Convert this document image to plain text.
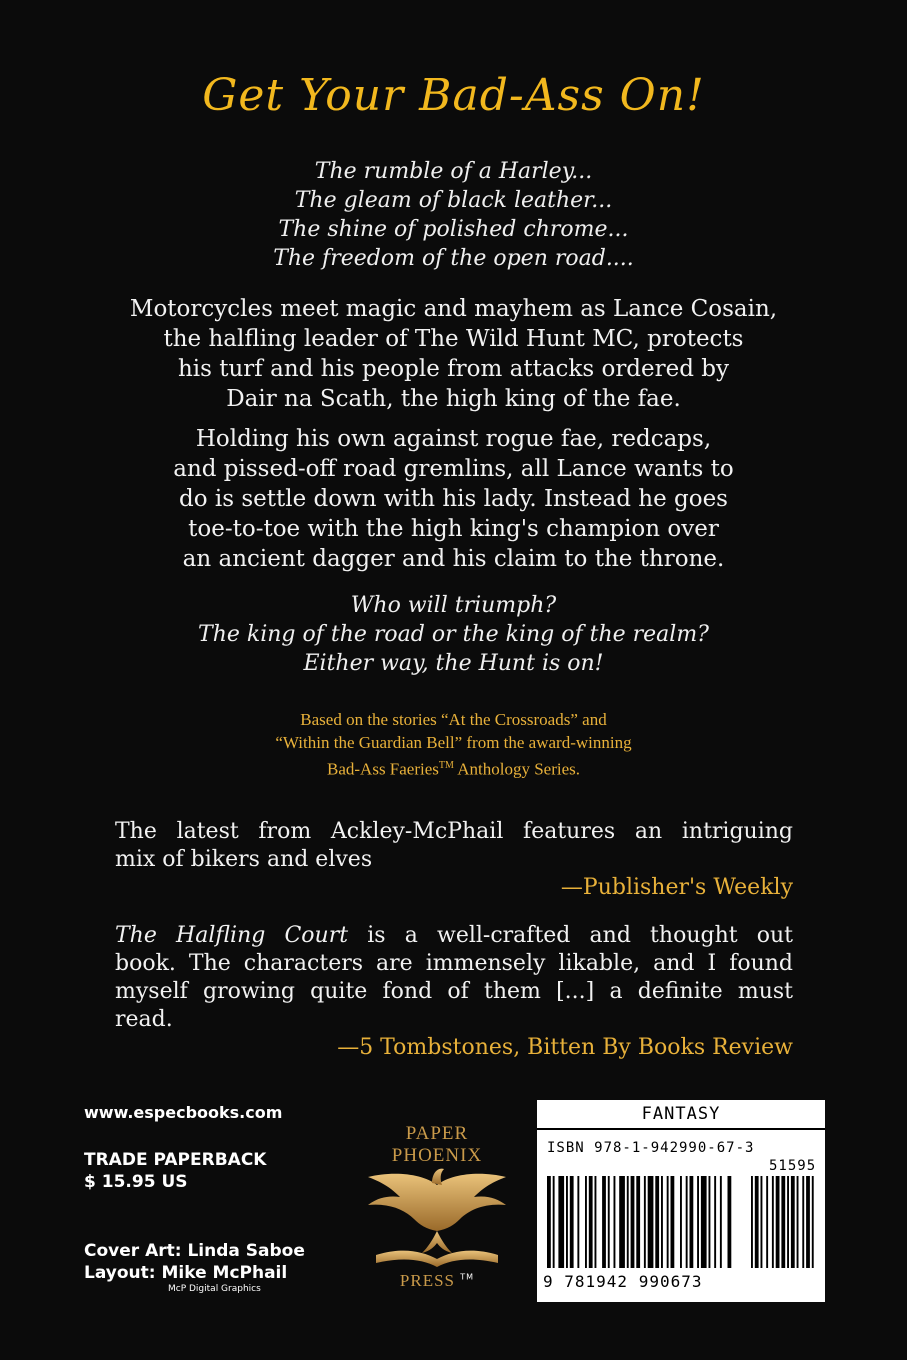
Get Your Bad-Ass On!
The rumble of a Harley...
The gleam of black leather...
The shine of polished chrome...
The freedom of the open road....
Motorcycles meet magic and mayhem as Lance Cosain,
the halfling leader of The Wild Hunt MC, protects
his turf and his people from attacks ordered by
Dair na Scath, the high king of the fae.
Holding his own against rogue fae, redcaps,
and pissed-off road gremlins, all Lance wants to
do is settle down with his lady. Instead he goes
toe-to-toe with the high king's champion over
an ancient dagger and his claim to the throne.
Who will triumph?
The king of the road or the king of the realm?
Either way, the Hunt is on!
Based on the stories “At the Crossroads” and
“Within the Guardian Bell” from the award-winning
Bad-Ass Faeries™ Anthology Series.
The latest from Ackley-McPhail features an intriguing
mix of bikers and elves
—Publisher's Weekly
The Halfling Court is a well-crafted and thought out
book. The characters are immensely likable, and I found
myself growing quite fond of them [...] a definite must
read.
—5 Tombstones, Bitten By Books Review
www.especbooks.com
TRADE PAPERBACK
$ 15.95 US
Cover Art: Linda Saboe
Layout: Mike McPhail
McP Digital Graphics
PAPER
PHOENIX
PRESS ™
FANTASY
ISBN 978-1-942990-67-3
51595
9 781942 990673
